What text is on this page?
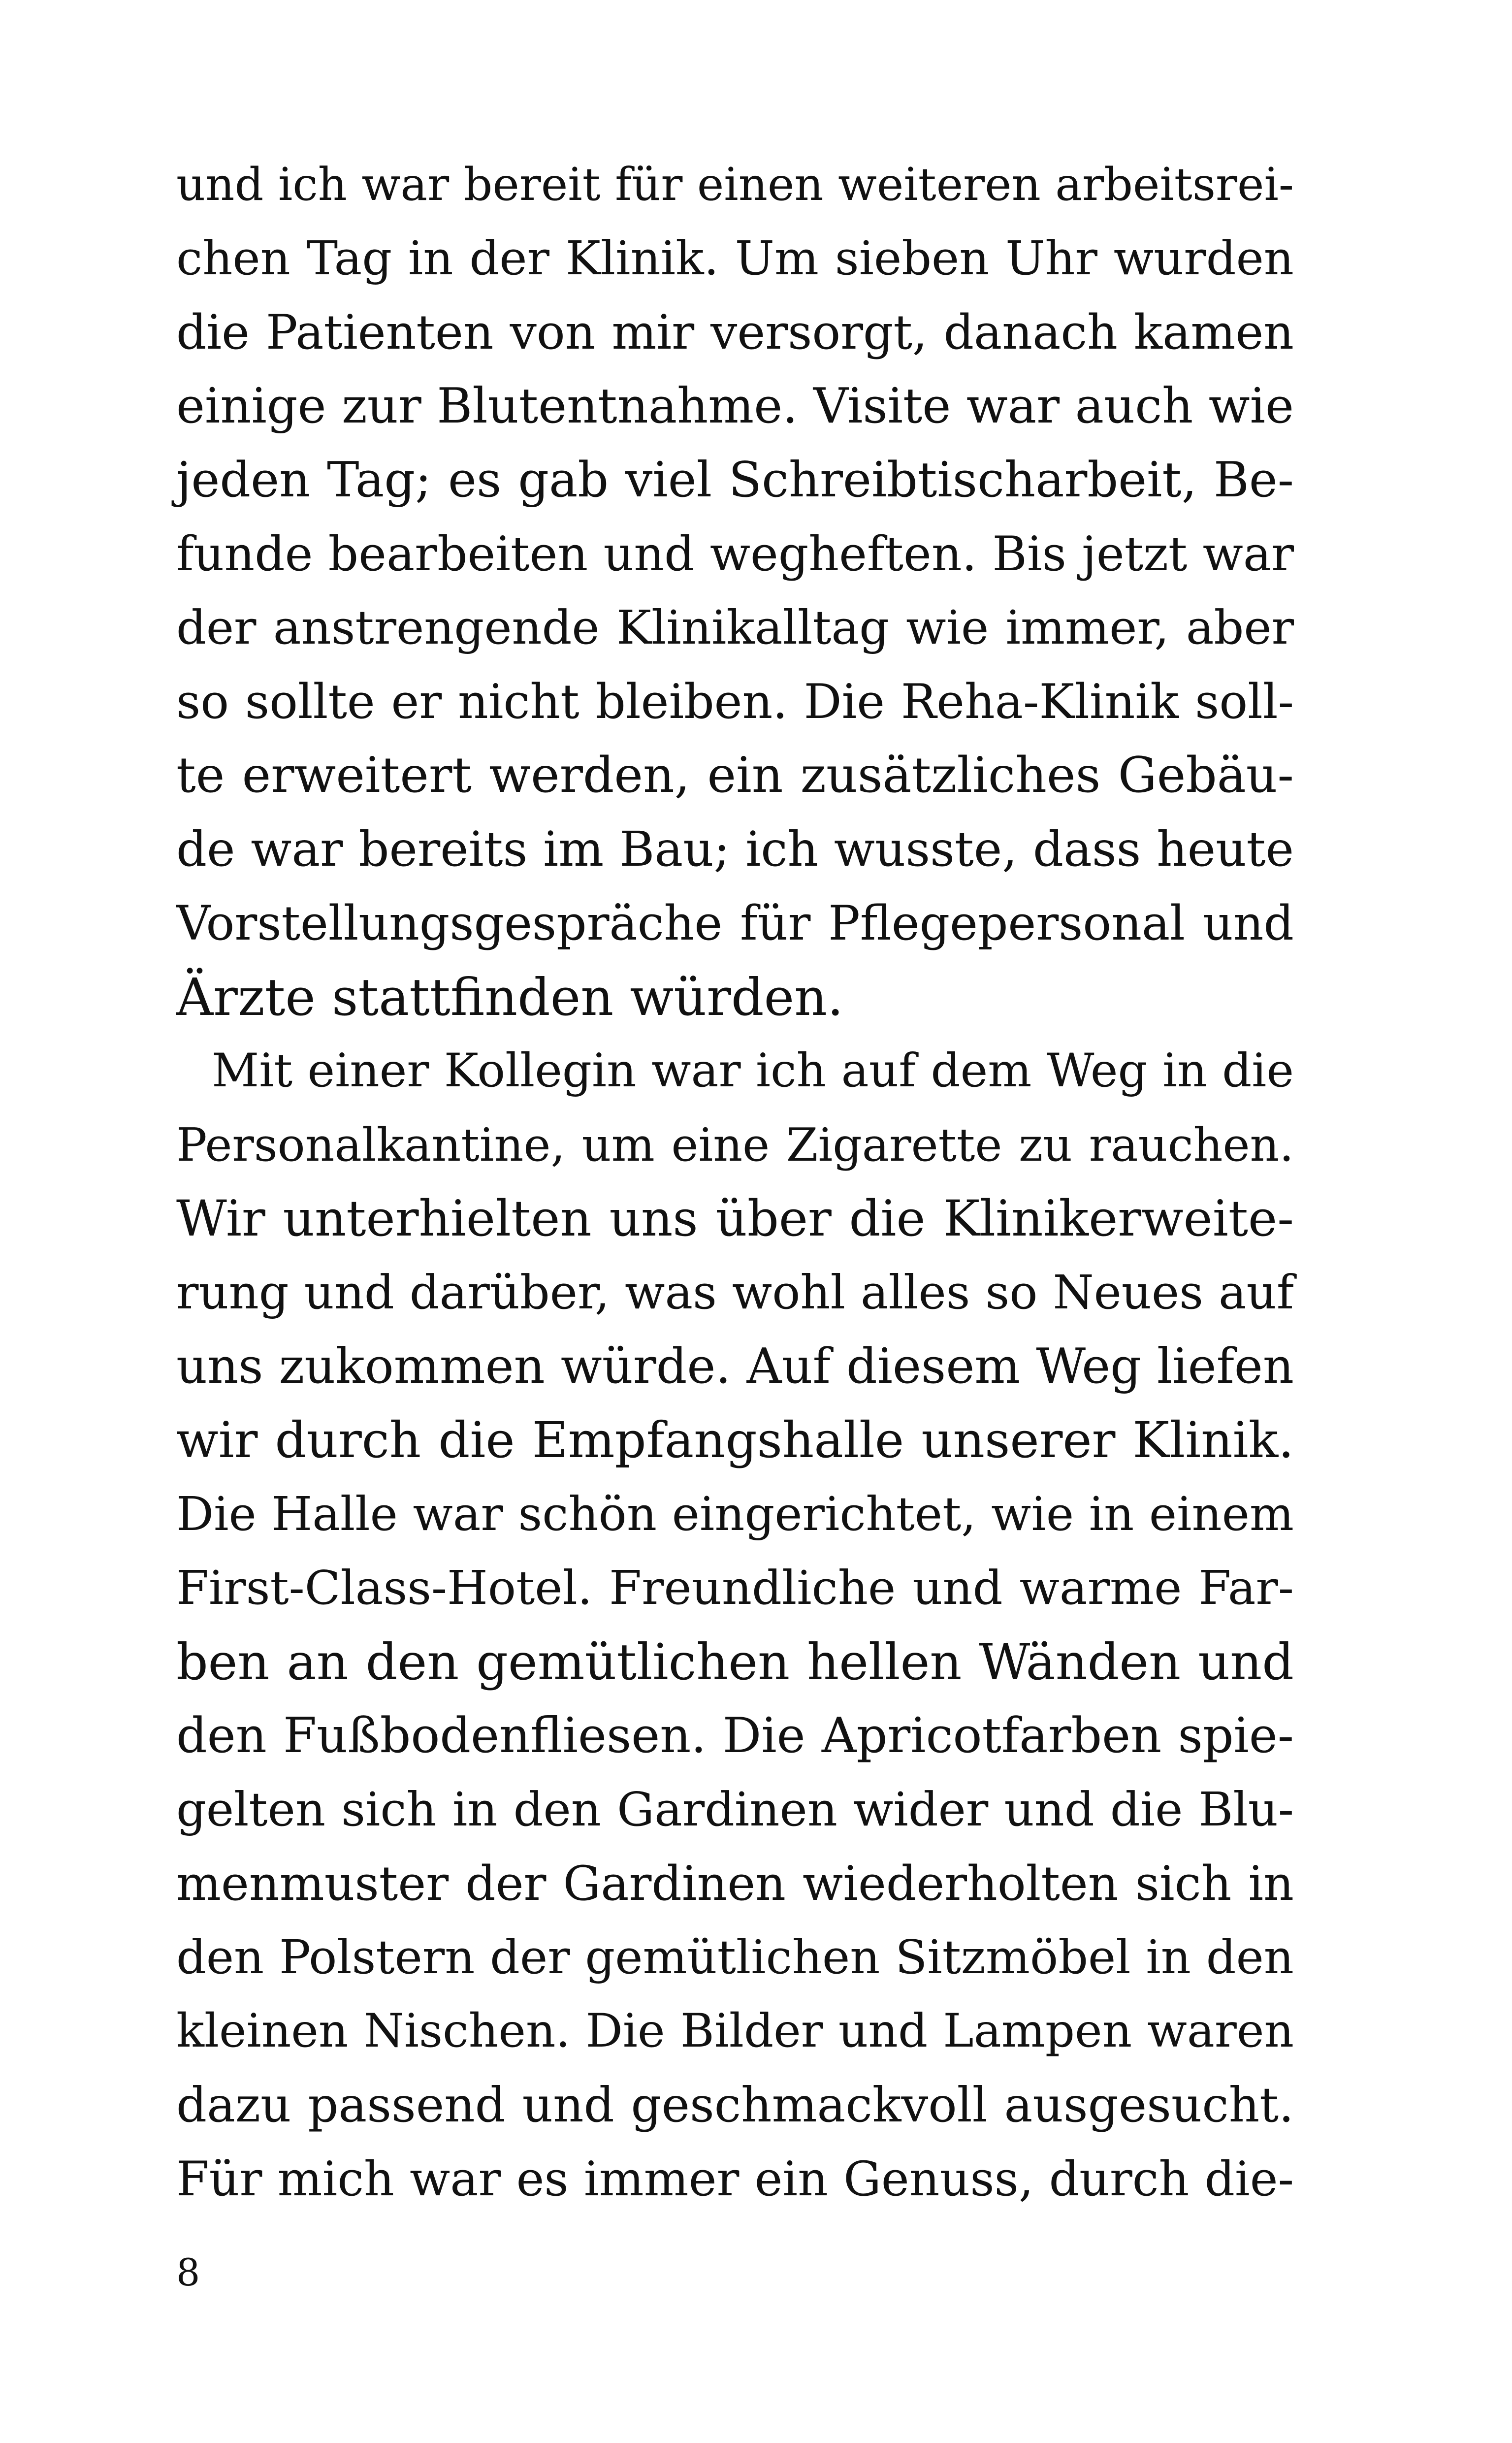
und ich war bereit für einen weiteren arbeitsrei-
chen Tag in der Klinik. Um sieben Uhr wurden
die Patienten von mir versorgt, danach kamen
einige zur Blutentnahme. Visite war auch wie
jeden Tag; es gab viel Schreibtischarbeit, Be-
funde bearbeiten und wegheften. Bis jetzt war
der anstrengende Klinikalltag wie immer, aber
so sollte er nicht bleiben. Die Reha-Klinik soll-
te erweitert werden, ein zusätzliches Gebäu-
de war bereits im Bau; ich wusste, dass heute
Vorstellungsgespräche für Pflegepersonal und
Ärzte stattfinden würden.
Mit einer Kollegin war ich auf dem Weg in die
Personalkantine, um eine Zigarette zu rauchen.
Wir unterhielten uns über die Klinikerweite-
rung und darüber, was wohl alles so Neues auf
uns zukommen würde. Auf diesem Weg liefen
wir durch die Empfangshalle unserer Klinik.
Die Halle war schön eingerichtet, wie in einem
First-Class-Hotel. Freundliche und warme Far-
ben an den gemütlichen hellen Wänden und
den Fußbodenfliesen. Die Apricotfarben spie-
gelten sich in den Gardinen wider und die Blu-
menmuster der Gardinen wiederholten sich in
den Polstern der gemütlichen Sitzmöbel in den
kleinen Nischen. Die Bilder und Lampen waren
dazu passend und geschmackvoll ausgesucht.
Für mich war es immer ein Genuss, durch die-
8
